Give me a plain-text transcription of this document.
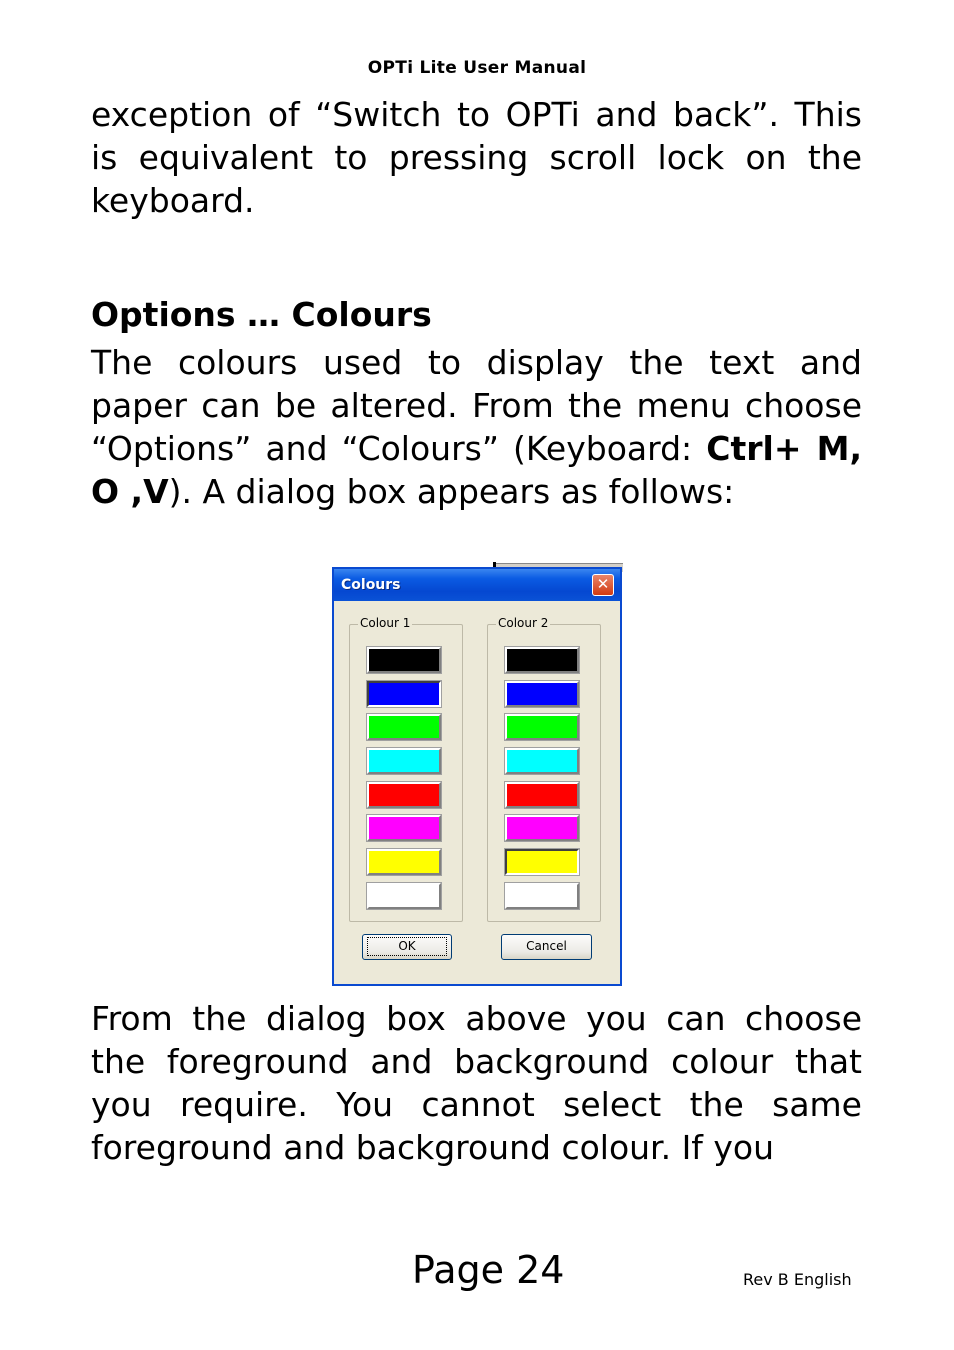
OPTi Lite User Manual

exception of “Switch to OPTi and back”. This is equivalent to pressing scroll lock on the keyboard.

Options … Colours

The colours used to display the text and paper can be altered. From the menu choose “Options” and “Colours” (Keyboard: Ctrl+ M, O ,V). A dialog box appears as follows:

Colours	✕
Colour 1	Colour 2
OK	Cancel

From the dialog box above you can choose the foreground and background colour that you require. You cannot select the same foreground and background colour. If you

Page 24	Rev B English
